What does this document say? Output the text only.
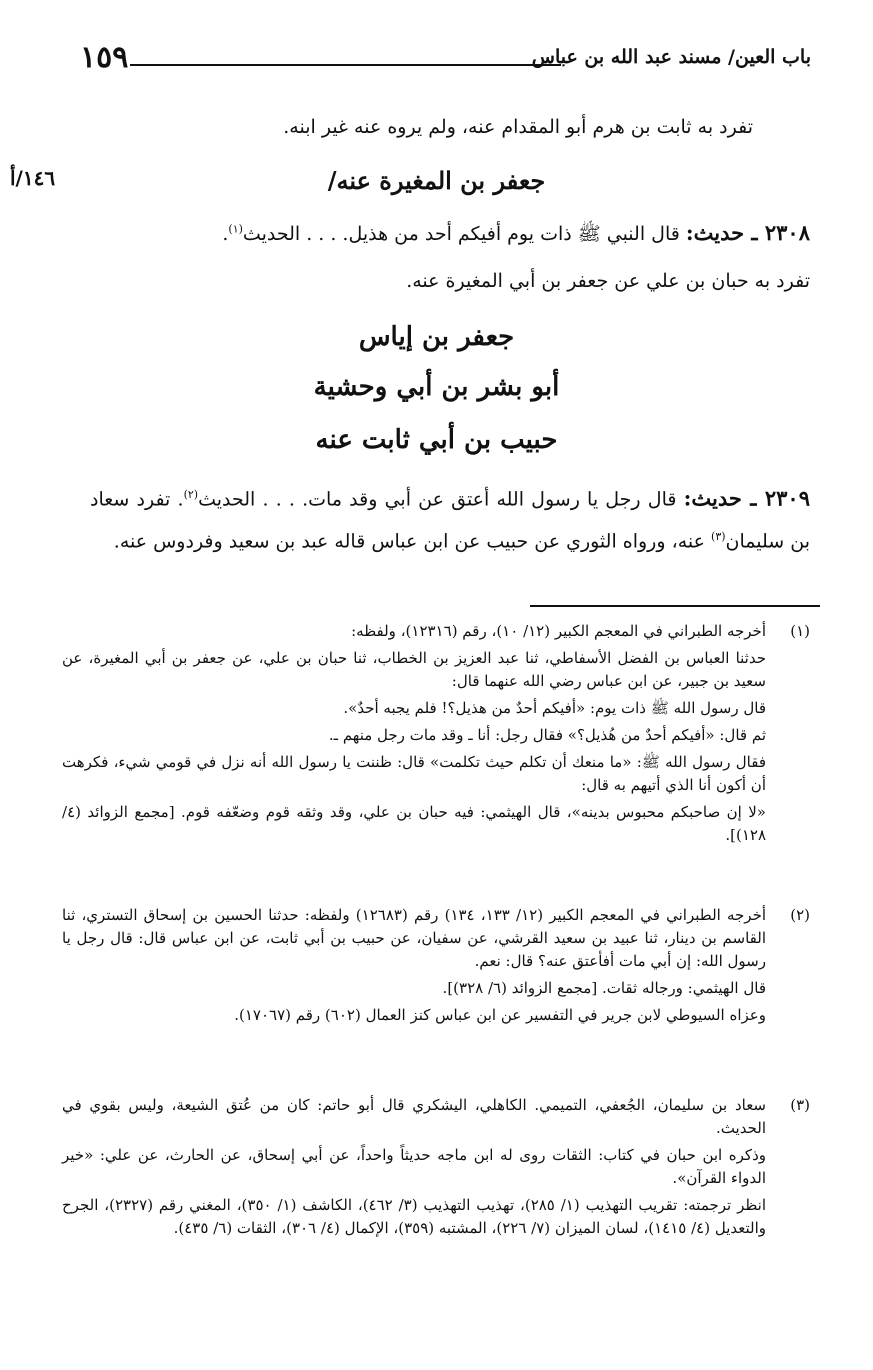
باب العين/ مسند عبد الله بن عباس
١٥٩
١٤٦/أ
تفرد به ثابت بن هرم أبو المقدام عنه، ولم يروه عنه غير ابنه.
جعفر بن المغيرة عنه/
٢٣٠٨ ـ حديث: قال النبي ﷺ ذات يوم أفيكم أحد من هذيل. . . . الحديث$^{(١)}$.
تفرد به حبان بن علي عن جعفر بن أبي المغيرة عنه.
جعفر بن إياس
أبو بشر بن أبي وحشية
حبيب بن أبي ثابت عنه
٢٣٠٩ ـ حديث: قال رجل يا رسول الله أعتق عن أبي وقد مات. . . . الحديث$^{(٢)}$. تفرد سعاد بن سليمان$^{(٣)}$ عنه، ورواه الثوري عن حبيب عن ابن عباس قاله عبد بن سعيد وفردوس عنه.
(١)

أخرجه الطبراني في المعجم الكبير (١٢/ ١٠)، رقم (١٢٣١٦)، ولفظه:

حدثنا العباس بن الفضل الأسفاطي، ثنا عبد العزيز بن الخطاب، ثنا حبان بن علي، عن جعفر بن أبي المغيرة، عن سعيد بن جبير، عن ابن عباس رضي الله عنهما قال:

قال رسول الله ﷺ ذات يوم: «أفيكم أحدٌ من هذيل؟! فلم يجبه أحدٌ».

ثم قال: «أفيكم أحدٌ من هُذيل؟» فقال رجل: أنا ـ وقد مات رجل منهم ـ.

فقال رسول الله ﷺ: «ما منعك أن تكلم حيث تكلمت» قال: ظننت يا رسول الله أنه نزل في قومي شيء، فكرهت أن أكون أنا الذي أتيهم به قال:

«لا إن صاحبكم محبوس بدينه»، قال الهيثمي: فيه حبان بن علي، وقد وثقه قوم وضعّفه قوم. [مجمع الزوائد (٤/ ١٢٨)].

(٢)

أخرجه الطبراني في المعجم الكبير (١٢/ ١٣٣، ١٣٤) رقم (١٢٦٨٣) ولفظه: حدثنا الحسين بن إسحاق التستري، ثنا القاسم بن دينار، ثنا عبيد بن سعيد القرشي، عن سفيان، عن حبيب بن أبي ثابت، عن ابن عباس قال: قال رجل يا رسول الله: إن أبي مات أفأعتق عنه؟ قال: نعم.

قال الهيثمي: ورجاله ثقات. [مجمع الزوائد (٦/ ٣٢٨)].

وعزاه السيوطي لابن جرير في التفسير عن ابن عباس كنز العمال (٦٠٢) رقم (١٧٠٦٧).

(٣)

سعاد بن سليمان، الجُعفي، التميمي. الكاهلي، اليشكري قال أبو حاتم: كان من عُتق الشيعة، وليس بقوي في الحديث.

وذكره ابن حبان في كتاب: الثقات روى له ابن ماجه حديثاً واحداً، عن أبي إسحاق، عن الحارث، عن علي: «خير الدواء القرآن».

انظر ترجمته: تقريب التهذيب (١/ ٢٨٥)، تهذيب التهذيب (٣/ ٤٦٢)، الكاشف (١/ ٣٥٠)، المغني رقم (٢٣٢٧)، الجرح والتعديل (٤/ ١٤١٥)، لسان الميزان (٧/ ٢٢٦)، المشتبه (٣٥٩)، الإكمال (٤/ ٣٠٦)، الثقات (٦/ ٤٣٥).
